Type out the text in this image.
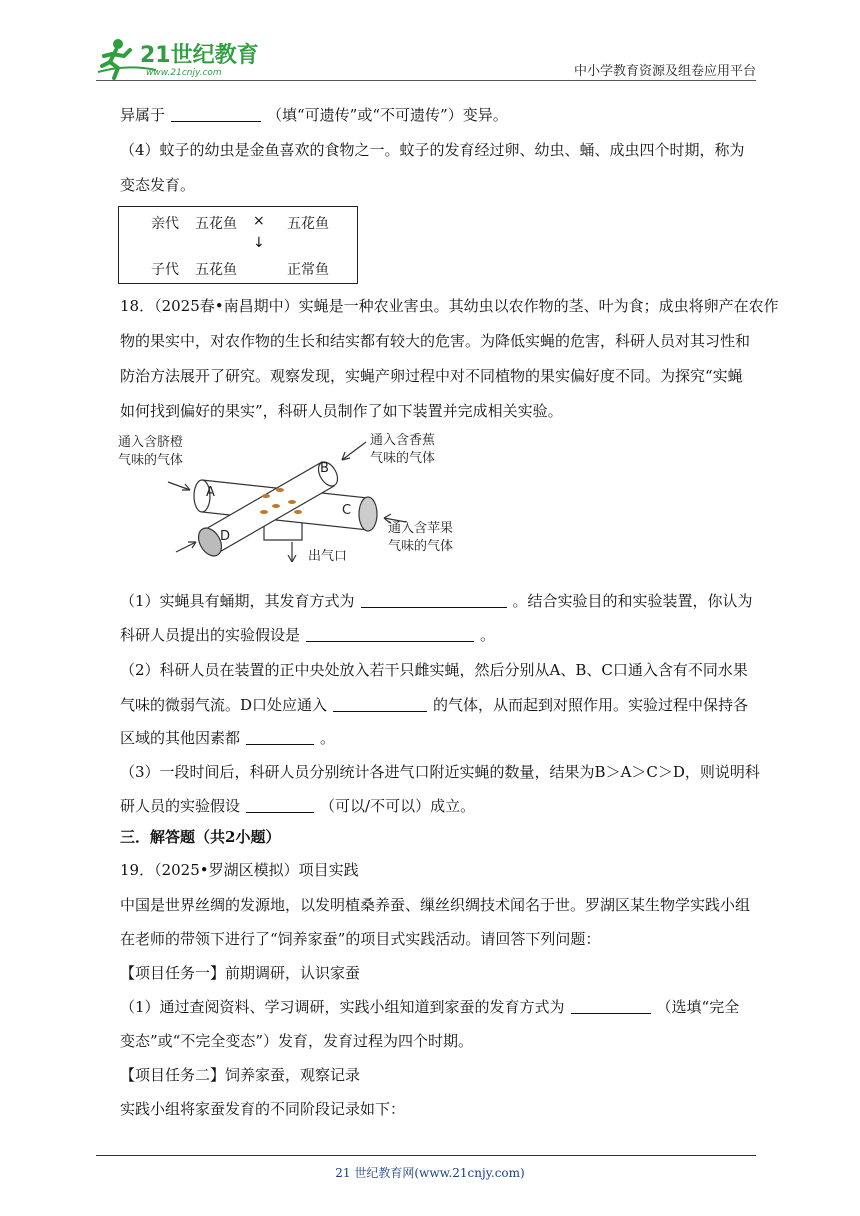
21世纪教育
www.21cnjy.com	中小学教育资源及组卷应用平台
异属于	（填“可遗传”或“不可遗传”）变异。
（4）蚊子的幼虫是金鱼喜欢的食物之一。蚊子的发育经过卵、幼虫、蛹、成虫四个时期，称为
变态发育。
亲代 五花鱼 × 五花鱼
↓
子代 五花鱼	正常鱼
18．（2025春•南昌期中）实蝇是一种农业害虫。其幼虫以农作物的茎、叶为食；成虫将卵产在农作
物的果实中，对农作物的生长和结实都有较大的危害。为降低实蝇的危害，科研人员对其习性和
防治方法展开了研究。观察发现，实蝇产卵过程中对不同植物的果实偏好度不同。为探究“实蝇
如何找到偏好的果实”，科研人员制作了如下装置并完成相关实验。
通入含脐橙
气味的气体
通入含香蕉
气味的气体
通入含苹果
气味的气体
出气口
A
B
C
D
（1）实蝇具有蛹期，其发育方式为	。结合实验目的和实验装置，你认为
科研人员提出的实验假设是	。
（2）科研人员在装置的正中央处放入若干只雌实蝇，然后分别从A、B、C口通入含有不同水果
气味的微弱气流。D口处应通入	的气体，从而起到对照作用。实验过程中保持各
区域的其他因素都	。
（3）一段时间后，科研人员分别统计各进气口附近实蝇的数量，结果为B＞A＞C＞D，则说明科
研人员的实验假设	（可以/不可以）成立。
三．解答题（共2小题）
19．（2025•罗湖区模拟）项目实践
中国是世界丝绸的发源地，以发明植桑养蚕、缫丝织绸技术闻名于世。罗湖区某生物学实践小组
在老师的带领下进行了“饲养家蚕”的项目式实践活动。请回答下列问题：
【项目任务一】前期调研，认识家蚕
（1）通过查阅资料、学习调研，实践小组知道到家蚕的发育方式为	（选填“完全
变态”或“不完全变态”）发育，发育过程为四个时期。
【项目任务二】饲养家蚕，观察记录
实践小组将家蚕发育的不同阶段记录如下：
21 世纪教育网(www.21cnjy.com)
